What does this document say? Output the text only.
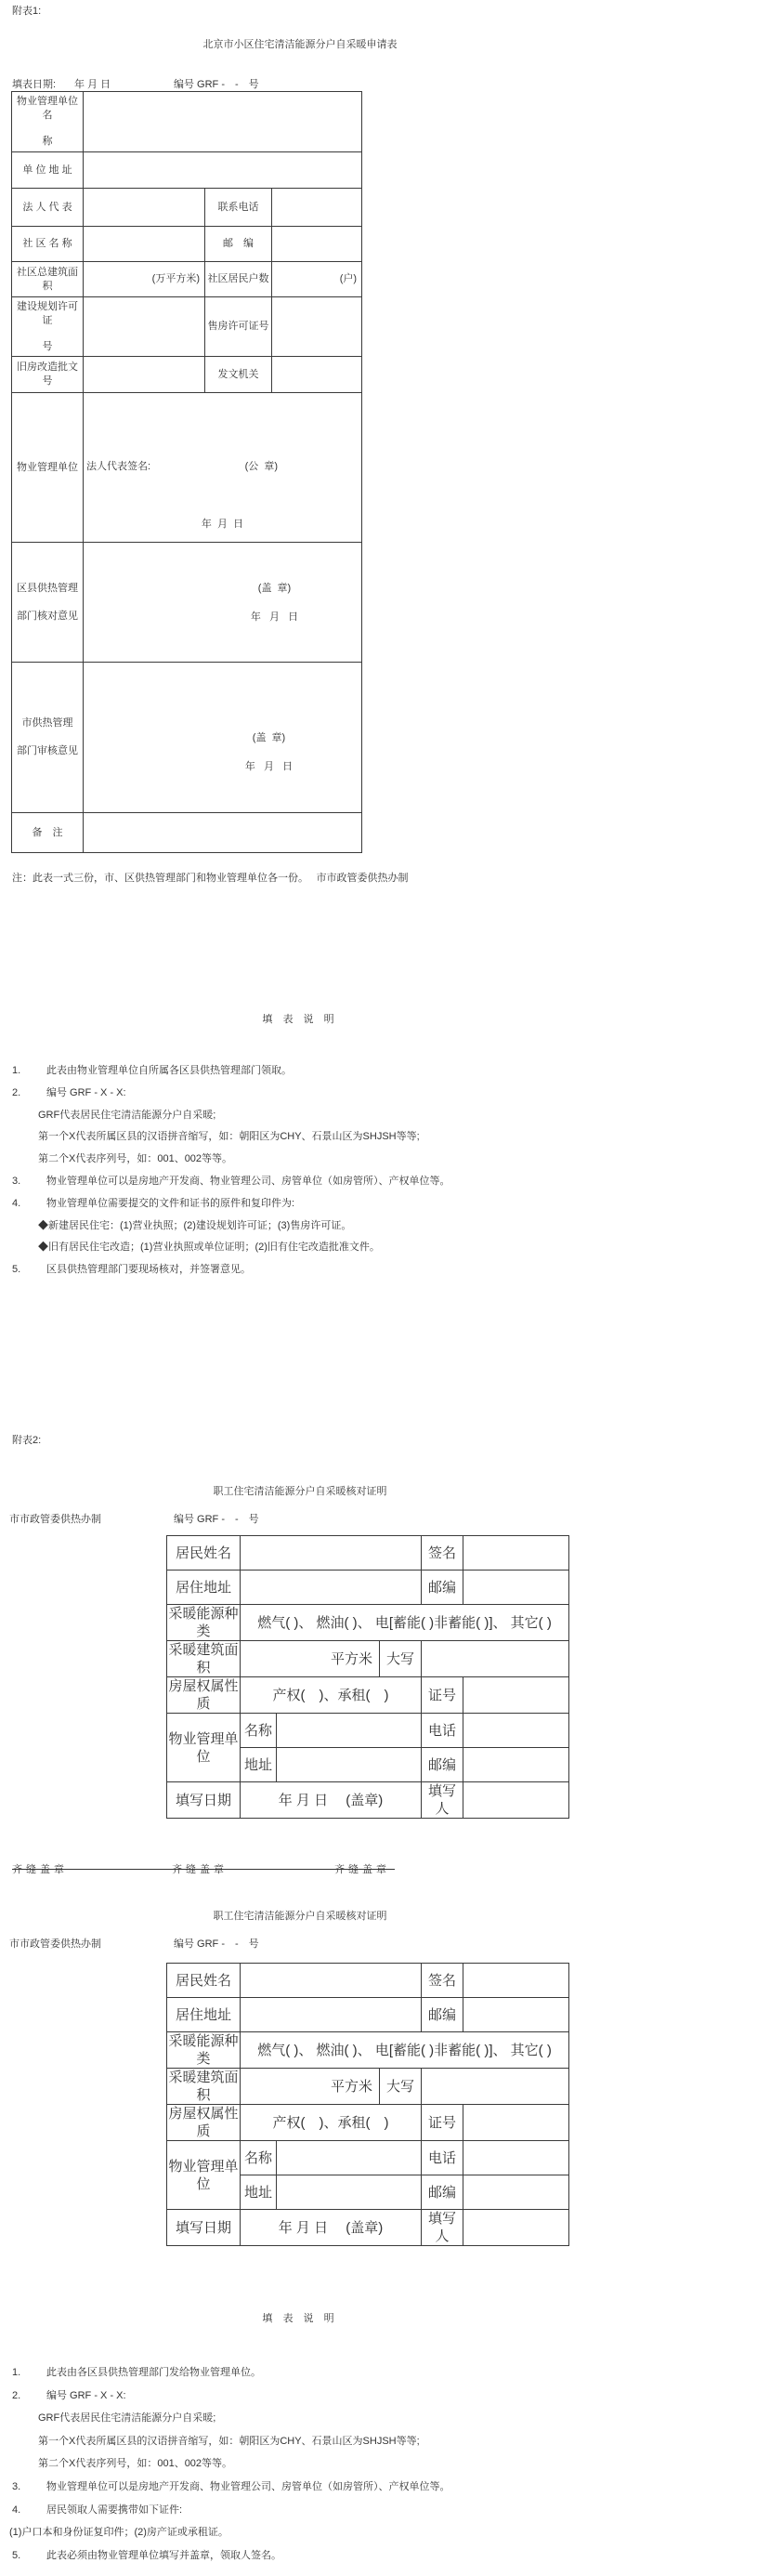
附表1:
北京市小区住宅清洁能源分户自采暖申请表
填表日期: 年 月 日	编号 GRF -　-　号
物业管理单位名
称			

单 位 地 址			
法 人 代 表		联系电话	
社 区 名 称		邮　编	
社区总建筑面积	(万平方米)	社区居民户数	(户)

建设规划许可证
号		售房许可证号	
旧房改造批文号		发文机关	
物业管理单位	法人代表签名: (公  章)
年  月  日		

区县供热管理
部门核对意见

(盖  章)
年   月   日

市供热管理
部门审核意见

(盖  章)
年   月   日

备　注			
注：此表一式三份，市、区供热管理部门和物业管理单位各一份。　 市市政管委供热办制
填 表 说 明
1.	此表由物业管理单位自所属各区县供热管理部门领取。
2.	编号 GRF - X - X:
GRF代表居民住宅清洁能源分户自采暖;
第一个X代表所属区县的汉语拼音缩写，如：朝阳区为CHY、石景山区为SHJSH等等;
第二个X代表序列号，如：001、002等等。
3.	物业管理单位可以是房地产开发商、物业管理公司、房管单位（如房管所）、产权单位等。
4.	物业管理单位需要提交的文件和证书的原件和复印件为:
◆新建居民住宅：(1)营业执照；(2)建设规划许可证；(3)售房许可证。
◆旧有居民住宅改造；(1)营业执照或单位证明；(2)旧有住宅改造批准文件。
5.	区县供热管理部门要现场核对，并签署意见。
附表2:
职工住宅清洁能源分户自采暖核对证明
市市政管委供热办制	编号 GRF -　-　号
居民姓名				签名	
居住地址				邮编	
采暖能源种类	燃气( )、 燃油( )、 电[蓄能( )非蓄能( )]、 其它( )				
采暖建筑面积	平方米		大写		
房屋权属性质	产权(　)、承租(　)			证号	
物业管理单位	名称			电话	
	地址			邮编	
填写日期	年 月 日　 (盖章)			填写人	
齐缝盖章	齐缝盖章	齐缝盖章
职工住宅清洁能源分户自采暖核对证明
市市政管委供热办制	编号 GRF -　-　号
居民姓名				签名	
居住地址				邮编	
采暖能源种类	燃气( )、 燃油( )、 电[蓄能( )非蓄能( )]、 其它( )				
采暖建筑面积	平方米		大写		
房屋权属性质	产权(　)、承租(　)			证号	
物业管理单位	名称			电话	
	地址			邮编	
填写日期	年 月 日　 (盖章)			填写人	
填 表 说 明
1.	此表由各区县供热管理部门发给物业管理单位。
2.	编号 GRF - X - X:
GRF代表居民住宅清洁能源分户自采暖;
第一个X代表所属区县的汉语拼音缩写，如：朝阳区为CHY、石景山区为SHJSH等等;
第二个X代表序列号，如：001、002等等。
3.	物业管理单位可以是房地产开发商、物业管理公司、房管单位（如房管所）、产权单位等。
4.	居民领取人需要携带如下证件:
(1)户口本和身份证复印件；(2)房产证或承租证。
5.	此表必须由物业管理单位填写并盖章，领取人签名。
